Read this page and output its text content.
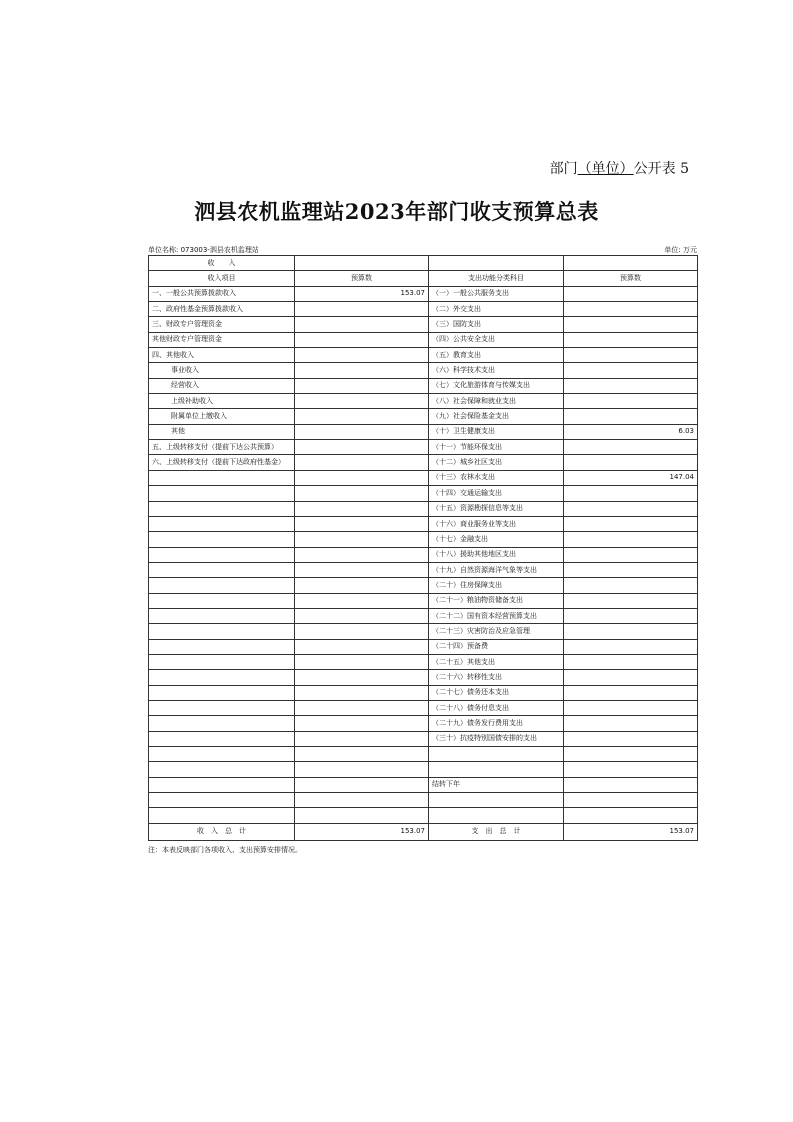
部门（单位）公开表 5
泗县农机监理站2023年部门收支预算总表
单位名称: 073003-泗县农机监理站	单位: 万元
收　　入			
收入项目	预算数	支出功能分类科目	预算数
一、一般公共预算拨款收入	153.07	（一）一般公共服务支出	
二、政府性基金预算拨款收入		（二）外交支出	
三、财政专户管理资金		（三）国防支出	
其他财政专户管理资金		（四）公共安全支出	
四、其他收入		（五）教育支出	
事业收入		（六）科学技术支出	
经营收入		（七）文化旅游体育与传媒支出	
上级补助收入		（八）社会保障和就业支出	
附属单位上缴收入		（九）社会保险基金支出	
其他		（十）卫生健康支出	6.03
五、上级转移支付（提前下达公共预算）		（十一）节能环保支出	
六、上级转移支付（提前下达政府性基金）		（十二）城乡社区支出	
		（十三）农林水支出	147.04
		（十四）交通运输支出	
		（十五）资源勘探信息等支出	
		（十六）商业服务业等支出	
		（十七）金融支出	
		（十八）援助其他地区支出	
		（十九）自然资源海洋气象等支出	
		（二十）住房保障支出	
		（二十一）粮油物资储备支出	
		（二十二）国有资本经营预算支出	
		（二十三）灾害防治及应急管理	
		（二十四）预备费	
		（二十五）其他支出	
		（二十六）转移性支出	
		（二十七）债务还本支出	
		（二十八）债务付息支出	
		（二十九）债务发行费用支出	
		（三十）抗疫特别国债安排的支出	

		结转下年	

收　入　总　计	153.07	支　出　总　计	153.07
注：本表反映部门各项收入、支出预算安排情况。
